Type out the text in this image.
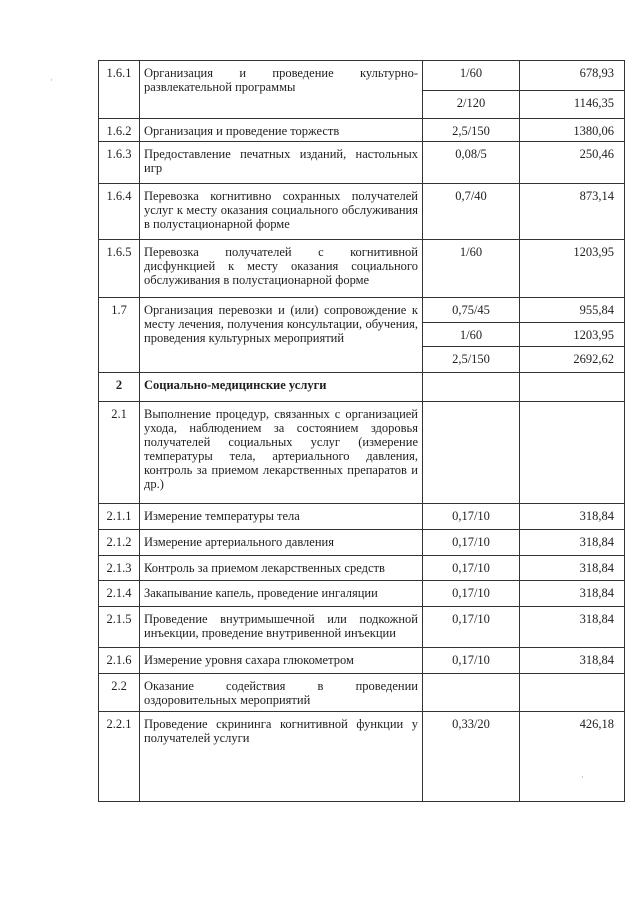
1.6.1	Организация и проведение культурно-развлекательной программы	1/60	678,93
		2/120	1146,35
1.6.2	Организация и проведение торжеств	2,5/150	1380,06
1.6.3	Предоставление печатных изданий, настольных игр	0,08/5	250,46
1.6.4	Перевозка когнитивно сохранных получателей услуг к месту оказания социального обслуживания в полустационарной форме	0,7/40	873,14
1.6.5	Перевозка получателей с когнитивной дисфункцией к месту оказания социального обслуживания в полустационарной форме	1/60	1203,95
1.7	Организация перевозки и (или) сопровождение к месту лечения, получения консультации, обучения, проведения культурных мероприятий	0,75/45	955,84
		1/60	1203,95
		2,5/150	2692,62
2	Социально-медицинские услуги		
2.1	Выполнение процедур, связанных с организацией ухода, наблюдением за состоянием здоровья получателей социальных услуг (измерение температуры тела, артериального давления, контроль за приемом лекарственных препаратов и др.)		
2.1.1	Измерение температуры тела	0,17/10	318,84
2.1.2	Измерение артериального давления	0,17/10	318,84
2.1.3	Контроль за приемом лекарственных средств	0,17/10	318,84
2.1.4	Закапывание капель, проведение ингаляции	0,17/10	318,84
2.1.5	Проведение внутримышечной или подкожной инъекции, проведение внутривенной инъекции	0,17/10	318,84
2.1.6	Измерение уровня сахара глюкометром	0,17/10	318,84
2.2	Оказание содействия в проведении оздоровительных мероприятий		
2.2.1	Проведение скрининга когнитивной функции у получателей услуги	0,33/20	426,18
·
·
